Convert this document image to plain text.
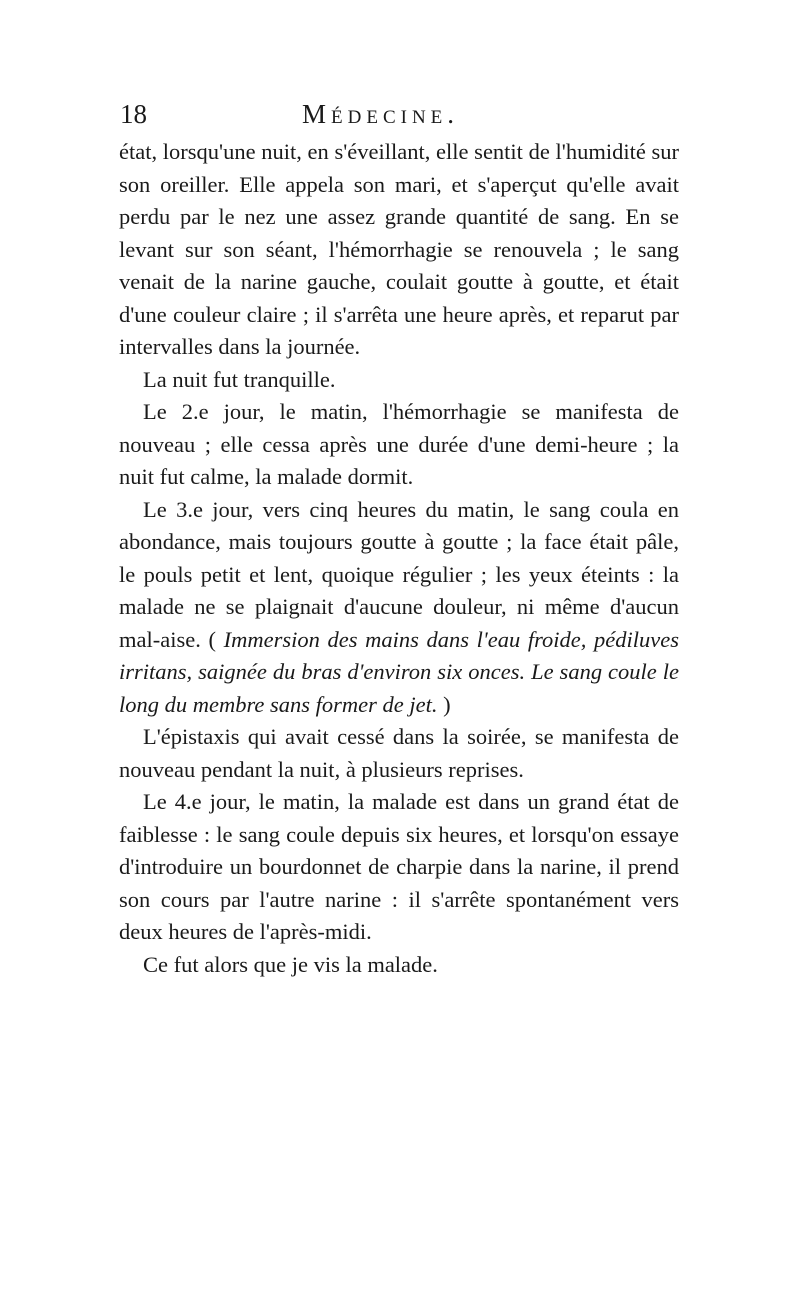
18	Médecine.

état, lorsqu'une nuit, en s'éveillant, elle sentit de l'humidité sur son oreiller. Elle appela son mari, et s'aperçut qu'elle avait perdu par le nez une assez grande quantité de sang. En se levant sur son séant, l'hémorrhagie se renouvela ; le sang venait de la narine gauche, coulait goutte à goutte, et était d'une couleur claire ; il s'arrêta une heure après, et reparut par intervalles dans la journée.

La nuit fut tranquille.

Le 2.e jour, le matin, l'hémorrhagie se manifesta de nouveau ; elle cessa après une durée d'une demi-heure ; la nuit fut calme, la malade dormit.

Le 3.e jour, vers cinq heures du matin, le sang coula en abondance, mais toujours goutte à goutte ; la face était pâle, le pouls petit et lent, quoique régulier ; les yeux éteints : la malade ne se plaignait d'aucune douleur, ni même d'aucun mal-aise. ( Immersion des mains dans l'eau froide, pédiluves irritans, saignée du bras d'environ six onces. Le sang coule le long du membre sans former de jet. )

L'épistaxis qui avait cessé dans la soirée, se manifesta de nouveau pendant la nuit, à plusieurs reprises.

Le 4.e jour, le matin, la malade est dans un grand état de faiblesse : le sang coule depuis six heures, et lorsqu'on essaye d'introduire un bourdonnet de charpie dans la narine, il prend son cours par l'autre narine : il s'arrête spontanément vers deux heures de l'après-midi.

Ce fut alors que je vis la malade.
